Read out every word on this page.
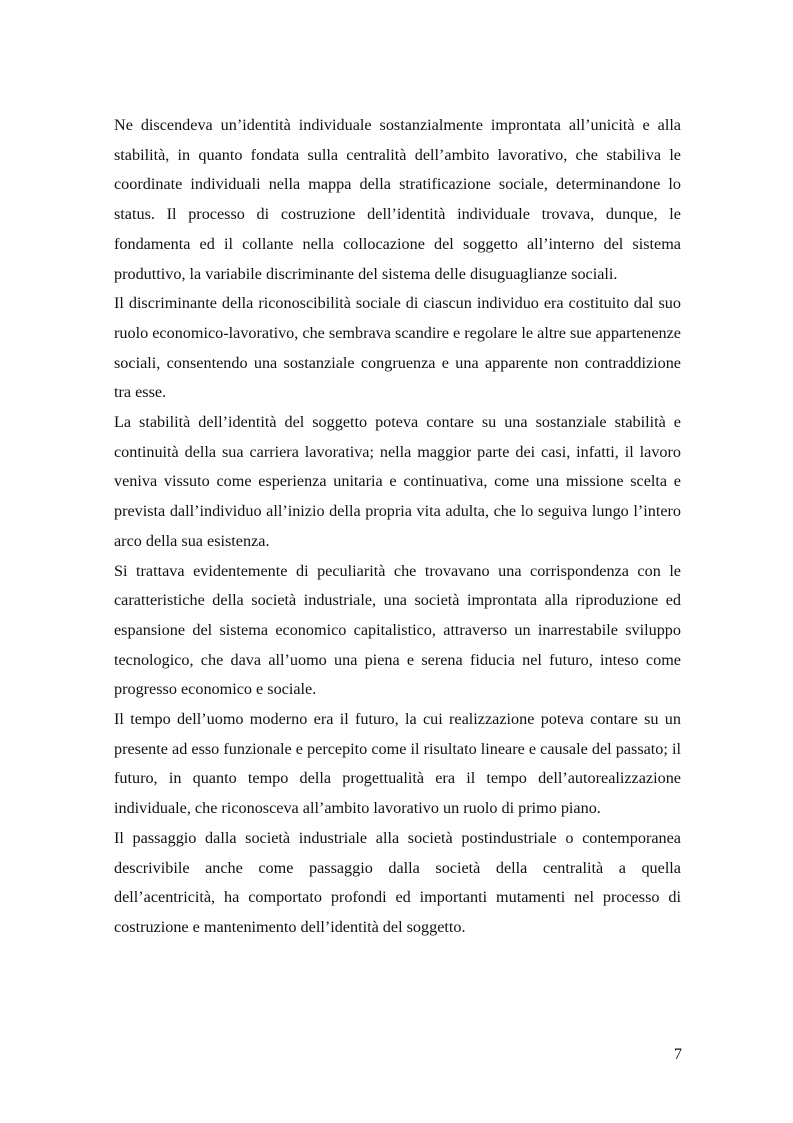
Ne discendeva un’identità individuale sostanzialmente improntata all’unicità e alla stabilità, in quanto fondata sulla centralità dell’ambito lavorativo, che stabiliva le coordinate individuali nella mappa della stratificazione sociale, determinandone lo status. Il processo di costruzione dell’identità individuale trovava, dunque, le fondamenta ed il collante nella collocazione del soggetto all’interno del sistema produttivo, la variabile discriminante del sistema delle disuguaglianze sociali.

Il discriminante della riconoscibilità sociale di ciascun individuo era costituito dal suo ruolo economico-lavorativo, che sembrava scandire e regolare le altre sue appartenenze sociali, consentendo una sostanziale congruenza e una apparente non contraddizione tra esse.

La stabilità dell’identità del soggetto poteva contare su una sostanziale stabilità e continuità della sua carriera lavorativa; nella maggior parte dei casi, infatti, il lavoro veniva vissuto come esperienza unitaria e continuativa, come una missione scelta e prevista dall’individuo all’inizio della propria vita adulta, che lo seguiva lungo l’intero arco della sua esistenza.

Si trattava evidentemente di peculiarità che trovavano una corrispondenza con le caratteristiche della società industriale, una società improntata alla riproduzione ed espansione del sistema economico capitalistico, attraverso un inarrestabile sviluppo tecnologico, che dava all’uomo una piena e serena fiducia nel futuro, inteso come progresso economico e sociale.

Il tempo dell’uomo moderno era il futuro, la cui realizzazione poteva contare su un presente ad esso funzionale e percepito come il risultato lineare e causale del passato; il futuro, in quanto tempo della progettualità era il tempo dell’autorealizzazione individuale, che riconosceva all’ambito lavorativo un ruolo di primo piano.

Il passaggio dalla società industriale alla società postindustriale o contemporanea descrivibile anche come passaggio dalla società della centralità a quella dell’acentricità, ha comportato profondi ed importanti mutamenti nel processo di costruzione e mantenimento dell’identità del soggetto.

7
